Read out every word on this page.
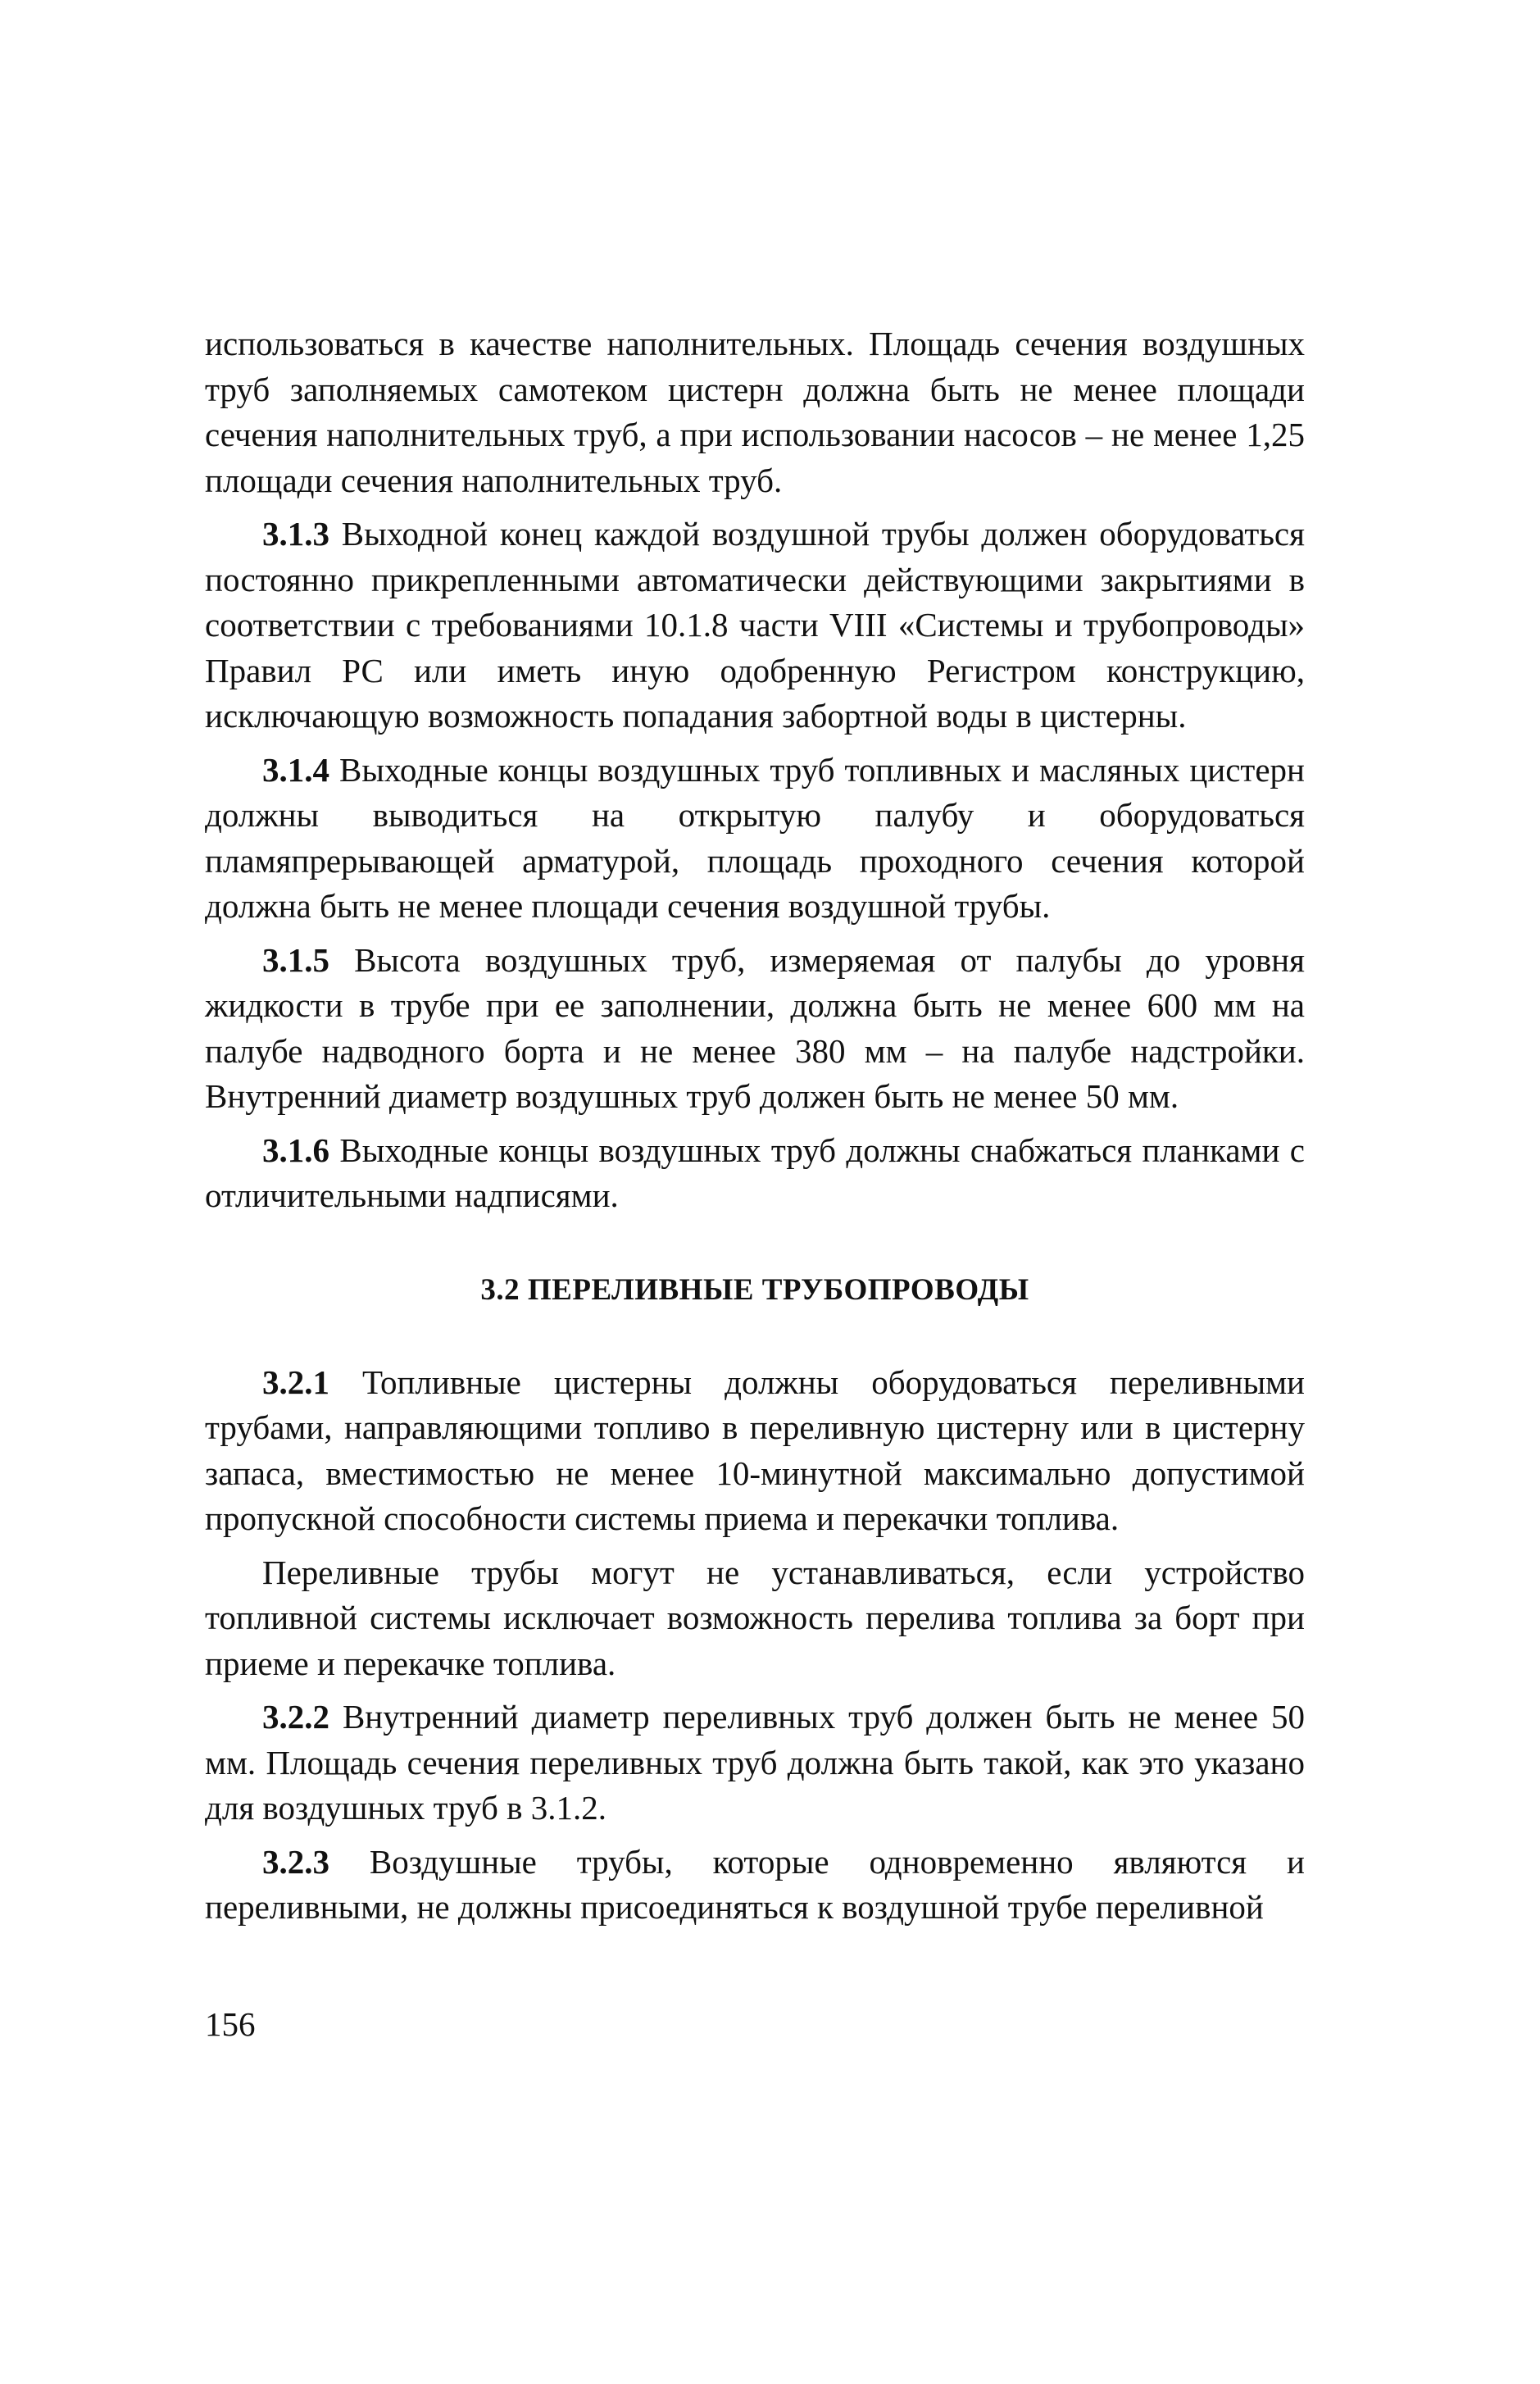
использоваться в качестве наполнительных. Площадь сечения воздушных труб заполняемых самотеком цистерн должна быть не менее площади сечения наполнительных труб, а при использовании насосов – не менее 1,25 площади сечения наполнительных труб.

3.1.3 Выходной конец каждой воздушной трубы должен оборудоваться постоянно прикрепленными автоматически действующими закрытиями в соответствии с требованиями 10.1.8 части VIII «Системы и трубопроводы» Правил РС или иметь иную одобренную Регистром конструкцию, исключающую возможность попадания забортной воды в цистерны.

3.1.4 Выходные концы воздушных труб топливных и масляных цистерн должны выводиться на открытую палубу и оборудоваться пламяпрерывающей арматурой, площадь проходного сечения которой должна быть не менее площади сечения воздушной трубы.

3.1.5 Высота воздушных труб, измеряемая от палубы до уровня жидкости в трубе при ее заполнении, должна быть не менее 600 мм на палубе надводного борта и не менее 380 мм – на палубе надстройки. Внутренний диаметр воздушных труб должен быть не менее 50 мм.

3.1.6 Выходные концы воздушных труб должны снабжаться планками с отличительными надписями.

3.2 ПЕРЕЛИВНЫЕ ТРУБОПРОВОДЫ

3.2.1 Топливные цистерны должны оборудоваться переливными трубами, направляющими топливо в переливную цистерну или в цистерну запаса, вместимостью не менее 10-минутной максимально допустимой пропускной способности системы приема и перекачки топлива.

Переливные трубы могут не устанавливаться, если устройство топливной системы исключает возможность перелива топлива за борт при приеме и перекачке топлива.

3.2.2 Внутренний диаметр переливных труб должен быть не менее 50 мм. Площадь сечения переливных труб должна быть такой, как это указано для воздушных труб в 3.1.2.

3.2.3 Воздушные трубы, которые одновременно являются и переливными, не должны присоединяться к воздушной трубе переливной

156
